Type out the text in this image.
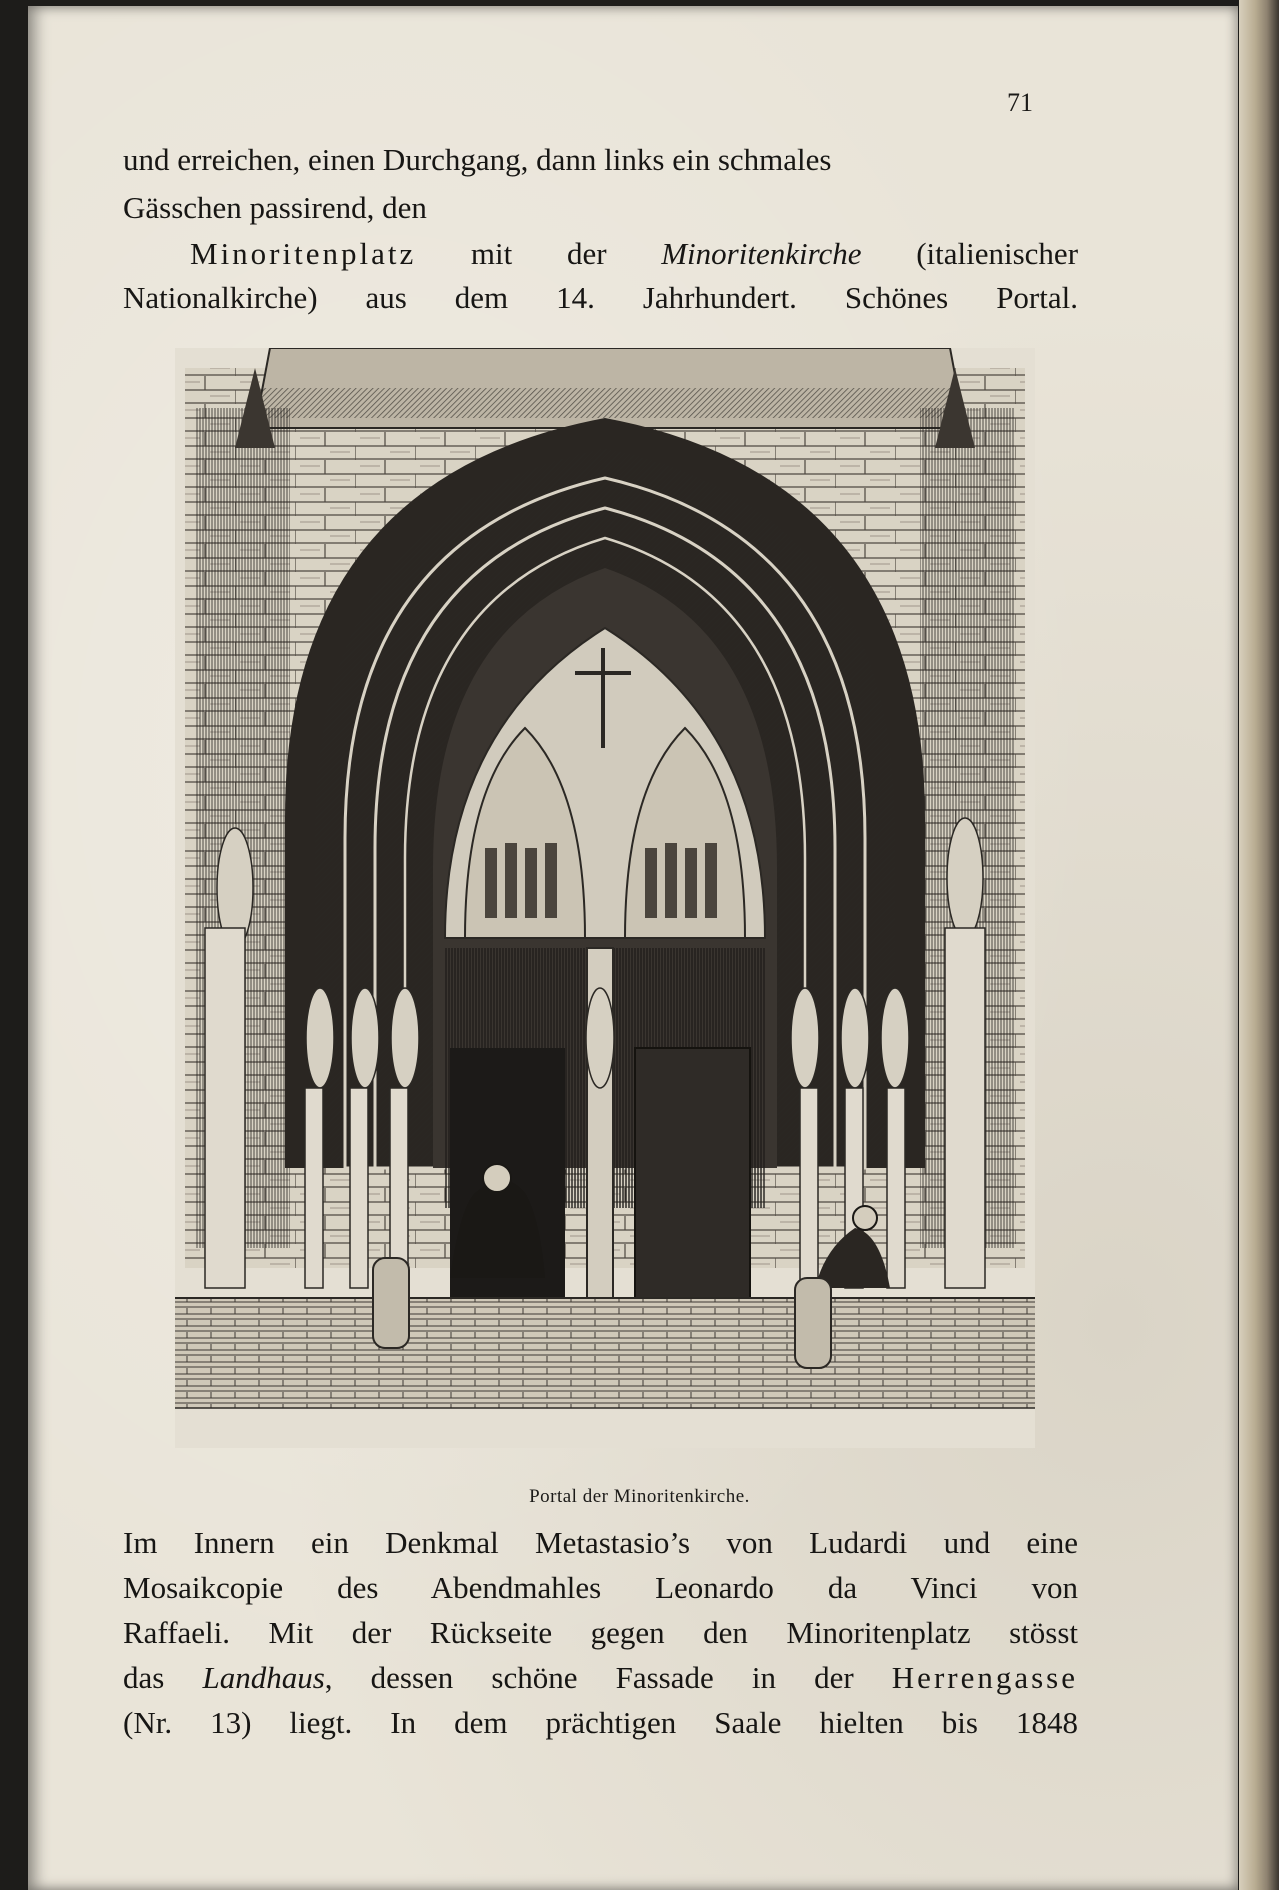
71
und erreichen, einen Durchgang, dann links ein schmales
Gässchen passirend, den
Minoritenplatz mit der Minoritenkirche (italienischer
Nationalkirche) aus dem 14. Jahrhundert. Schönes Portal.
Portal der Minoritenkirche.
Im Innern ein Denkmal Metastasio’s von Ludardi und eine
Mosaikcopie des Abendmahles Leonardo da Vinci von
Raffaeli. Mit der Rückseite gegen den Minoritenplatz stösst
das Landhaus, dessen schöne Fassade in der Herrengasse
(Nr. 13) liegt. In dem prächtigen Saale hielten bis 1848
